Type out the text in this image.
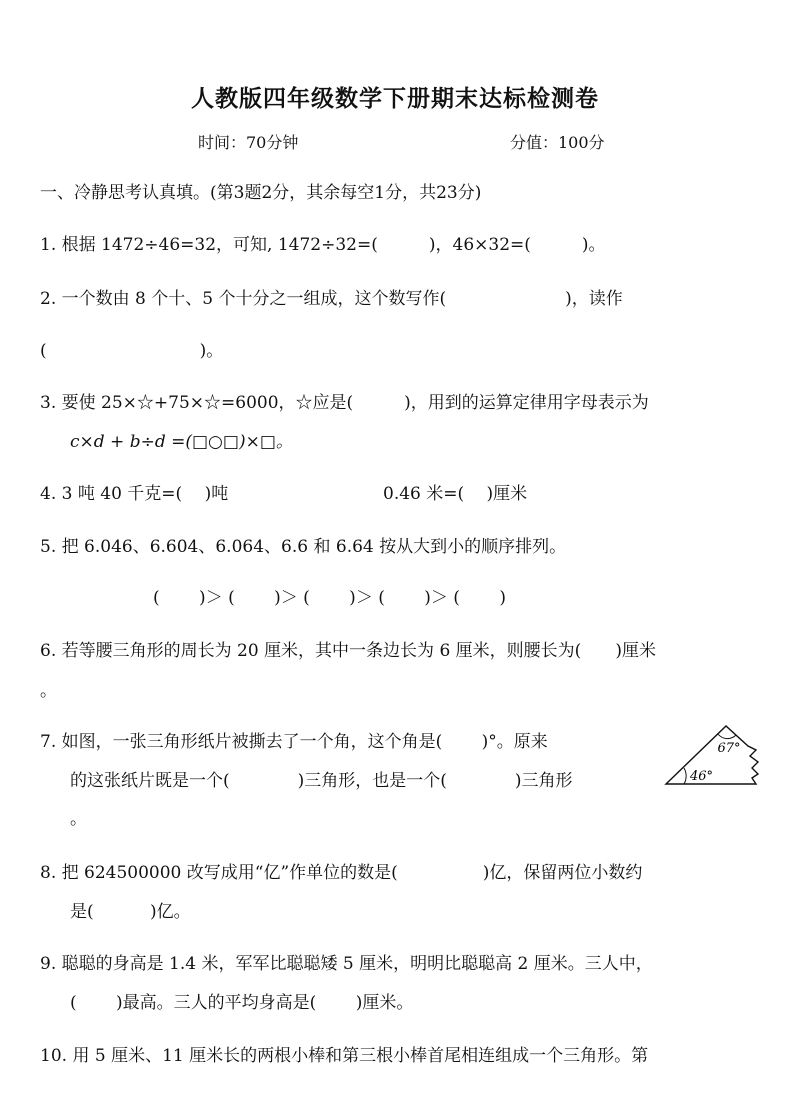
人教版四年级数学下册期末达标检测卷
时间：70分钟	分值：100分
一、冷静思考认真填。(第3题2分，其余每空1分，共23分)
1. 根据 1472÷46=32，可知, 1472÷32=(　　　)，46×32=(　　　)。
2. 一个数由 8 个十、5 个十分之一组成，这个数写作(　　　　　　　)，读作
(　　　　　　　　　)。
3. 要使 25×☆+75×☆=6000，☆应是(　　　)，用到的运算定律用字母表示为
c×d + b÷d =(□○□)×□。
4. 3 吨 40 千克=(　 )吨	0.46 米=(　 )厘米
5. 把 6.046、6.604、6.064、6.6 和 6.64 按从大到小的顺序排列。
(　　 )＞ (　　 )＞ (　　 )＞ (　　 )＞ (　　 )
6. 若等腰三角形的周长为 20 厘米，其中一条边长为 6 厘米，则腰长为(　　)厘米
。
7. 如图，一张三角形纸片被撕去了一个角，这个角是(　　 )°。原来
的这张纸片既是一个(　　　　)三角形，也是一个(　　　　)三角形
。
67°
46°
8. 把 624500000 改写成用“亿”作单位的数是(　　　　　)亿，保留两位小数约
是(　　　 )亿。
9. 聪聪的身高是 1.4 米，军军比聪聪矮 5 厘米，明明比聪聪高 2 厘米。三人中，
(　　 )最高。三人的平均身高是(　　 )厘米。
10. 用 5 厘米、11 厘米长的两根小棒和第三根小棒首尾相连组成一个三角形。第
